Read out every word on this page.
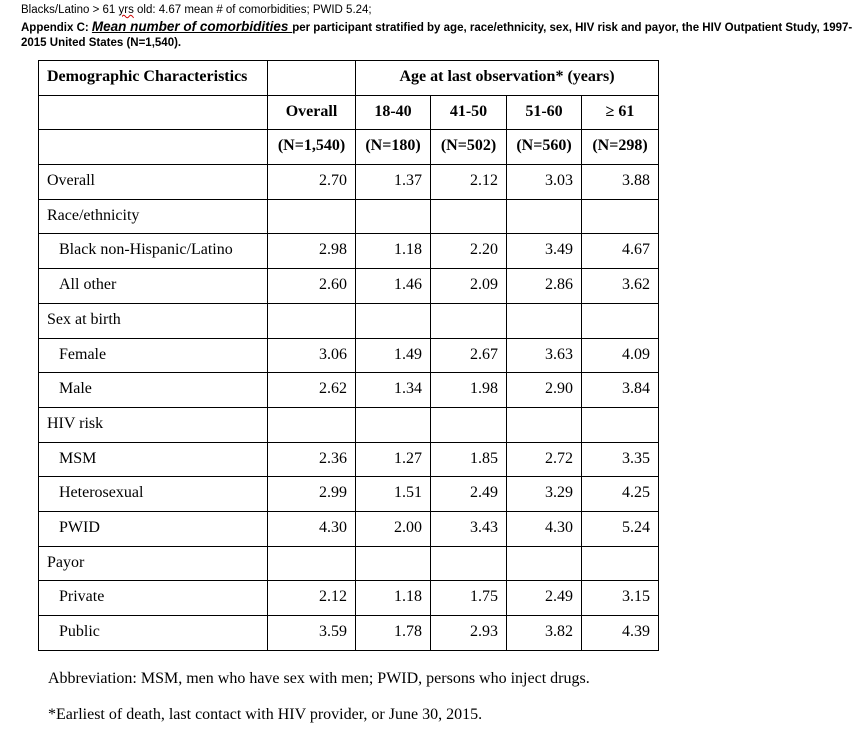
Blacks/Latino > 61 yrs old: 4.67 mean # of comorbidities; PWID 5.24;
Appendix C: Mean number of comorbidities per participant stratified by age, race/ethnicity, sex, HIV risk and payor, the HIV Outpatient Study, 1997-2015 United States (N=1,540).
Demographic Characteristics		Age at last observation* (years)			
	Overall	18-40	41-50	51-60	≥ 61
	(N=1,540)	(N=180)	(N=502)	(N=560)	(N=298)
Overall	2.70	1.37	2.12	3.03	3.88
Race/ethnicity					
Black non-Hispanic/Latino	2.98	1.18	2.20	3.49	4.67
All other	2.60	1.46	2.09	2.86	3.62
Sex at birth					
Female	3.06	1.49	2.67	3.63	4.09
Male	2.62	1.34	1.98	2.90	3.84
HIV risk					
MSM	2.36	1.27	1.85	2.72	3.35
Heterosexual	2.99	1.51	2.49	3.29	4.25
PWID	4.30	2.00	3.43	4.30	5.24
Payor					
Private	2.12	1.18	1.75	2.49	3.15
Public	3.59	1.78	2.93	3.82	4.39
Abbreviation: MSM, men who have sex with men; PWID, persons who inject drugs.
*Earliest of death, last contact with HIV provider, or June 30, 2015.
